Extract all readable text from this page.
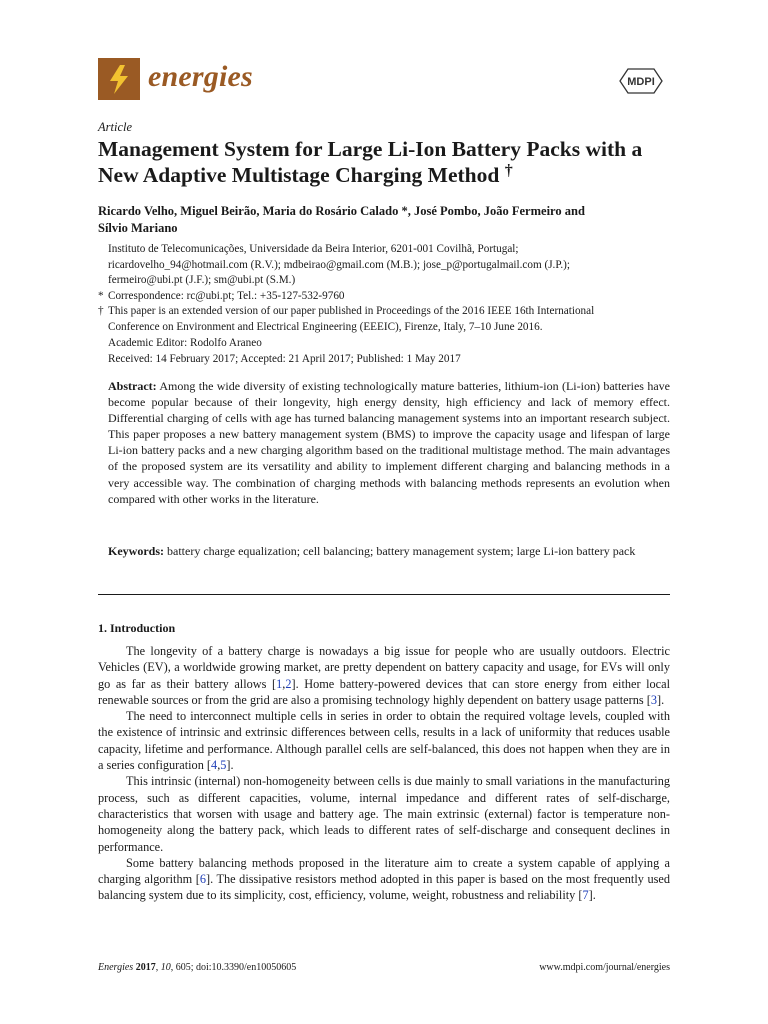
energies	MDPI
Article
Management System for Large Li-Ion Battery Packs with a New Adaptive Multistage Charging Method †
Ricardo Velho, Miguel Beirão, Maria do Rosário Calado *, José Pombo, João Fermeiro and
Sílvio Mariano
Instituto de Telecomunicações, Universidade da Beira Interior, 6201-001 Covilhã, Portugal;
ricardovelho_94@hotmail.com (R.V.); mdbeirao@gmail.com (M.B.); jose_p@portugalmail.com (J.P.);
fermeiro@ubi.pt (J.F.); sm@ubi.pt (S.M.)
* Correspondence: rc@ubi.pt; Tel.: +35-127-532-9760
† This paper is an extended version of our paper published in Proceedings of the 2016 IEEE 16th International
Conference on Environment and Electrical Engineering (EEEIC), Firenze, Italy, 7–10 June 2016.
Academic Editor: Rodolfo Araneo
Received: 14 February 2017; Accepted: 21 April 2017; Published: 1 May 2017
Abstract: Among the wide diversity of existing technologically mature batteries, lithium-ion (Li-ion) batteries have become popular because of their longevity, high energy density, high efficiency and lack of memory effect. Differential charging of cells with age has turned balancing management systems into an important research subject. This paper proposes a new battery management system (BMS) to improve the capacity usage and lifespan of large Li-ion battery packs and a new charging algorithm based on the traditional multistage method. The main advantages of the proposed system are its versatility and ability to implement different charging and balancing methods in a very accessible way. The combination of charging methods with balancing methods represents an evolution when compared with other works in the literature.
Keywords: battery charge equalization; cell balancing; battery management system; large Li-ion battery pack
1. Introduction

The longevity of a battery charge is nowadays a big issue for people who are usually outdoors. Electric Vehicles (EV), a worldwide growing market, are pretty dependent on battery capacity and usage, for EVs will only go as far as their battery allows [1,2]. Home battery-powered devices that can store energy from either local renewable sources or from the grid are also a promising technology highly dependent on battery usage patterns [3].

The need to interconnect multiple cells in series in order to obtain the required voltage levels, coupled with the existence of intrinsic and extrinsic differences between cells, results in a lack of uniformity that reduces usable capacity, lifetime and performance. Although parallel cells are self-balanced, this does not happen when they are in a series configuration [4,5].

This intrinsic (internal) non-homogeneity between cells is due mainly to small variations in the manufacturing process, such as different capacities, volume, internal impedance and different rates of self-discharge, characteristics that worsen with usage and battery age. The main extrinsic (external) factor is temperature non-homogeneity along the battery pack, which leads to different rates of self-discharge and consequent declines in performance.

Some battery balancing methods proposed in the literature aim to create a system capable of applying a charging algorithm [6]. The dissipative resistors method adopted in this paper is based on the most frequently used balancing system due to its simplicity, cost, efficiency, volume, weight, robustness and reliability [7].

Energies 2017, 10, 605; doi:10.3390/en10050605	www.mdpi.com/journal/energies
